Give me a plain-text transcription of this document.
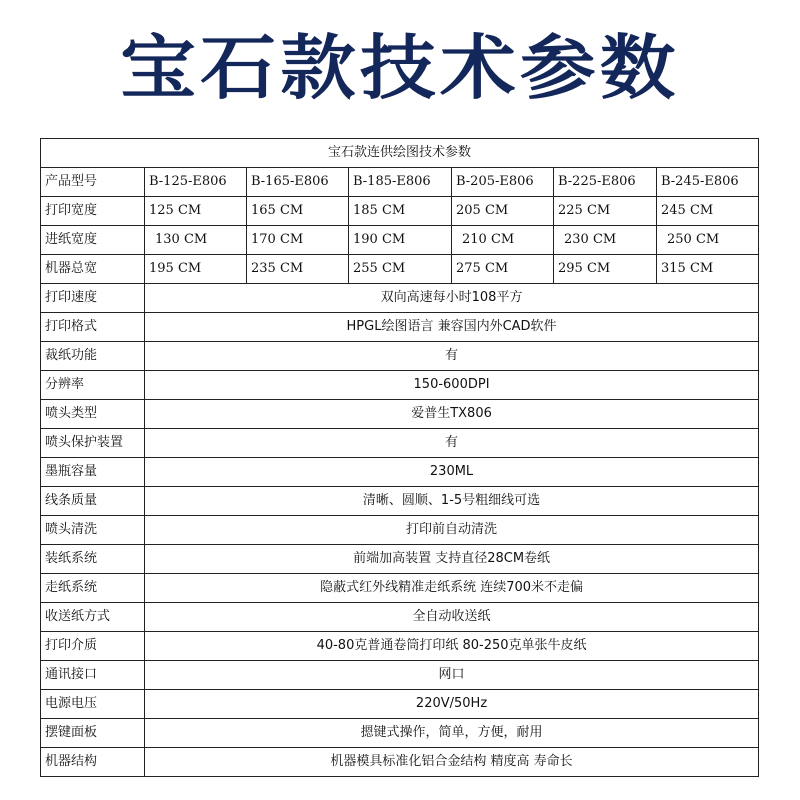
宝石款技术参数
宝石款连供绘图技术参数						
产品型号	B-125-E806	B-165-E806	B-185-E806	B-205-E806	B-225-E806	B-245-E806
打印宽度	125 CM	165 CM	185 CM	205 CM	225 CM	245 CM
进纸宽度	130 CM	170 CM	190 CM	210 CM	230 CM	250 CM
机器总宽	195 CM	235 CM	255 CM	275 CM	295 CM	315 CM
打印速度	双向高速每小时108平方					
打印格式	HPGL绘图语言 兼容国内外CAD软件					
裁纸功能	有					
分辨率	150-600DPI					
喷头类型	爱普生TX806					
喷头保护装置	有					
墨瓶容量	230ML					
线条质量	清晰、圆顺、1-5号粗细线可选					
喷头清洗	打印前自动清洗					
装纸系统	前端加高装置 支持直径28CM卷纸					
走纸系统	隐蔽式红外线精准走纸系统 连续700米不走偏					
收送纸方式	全自动收送纸					
打印介质	40-80克普通卷筒打印纸 80-250克单张牛皮纸					
通讯接口	网口					
电源电压	220V/50Hz					
摆键面板	摁键式操作，简单，方便，耐用					
机器结构	机器模具标准化铝合金结构 精度高 寿命长					
